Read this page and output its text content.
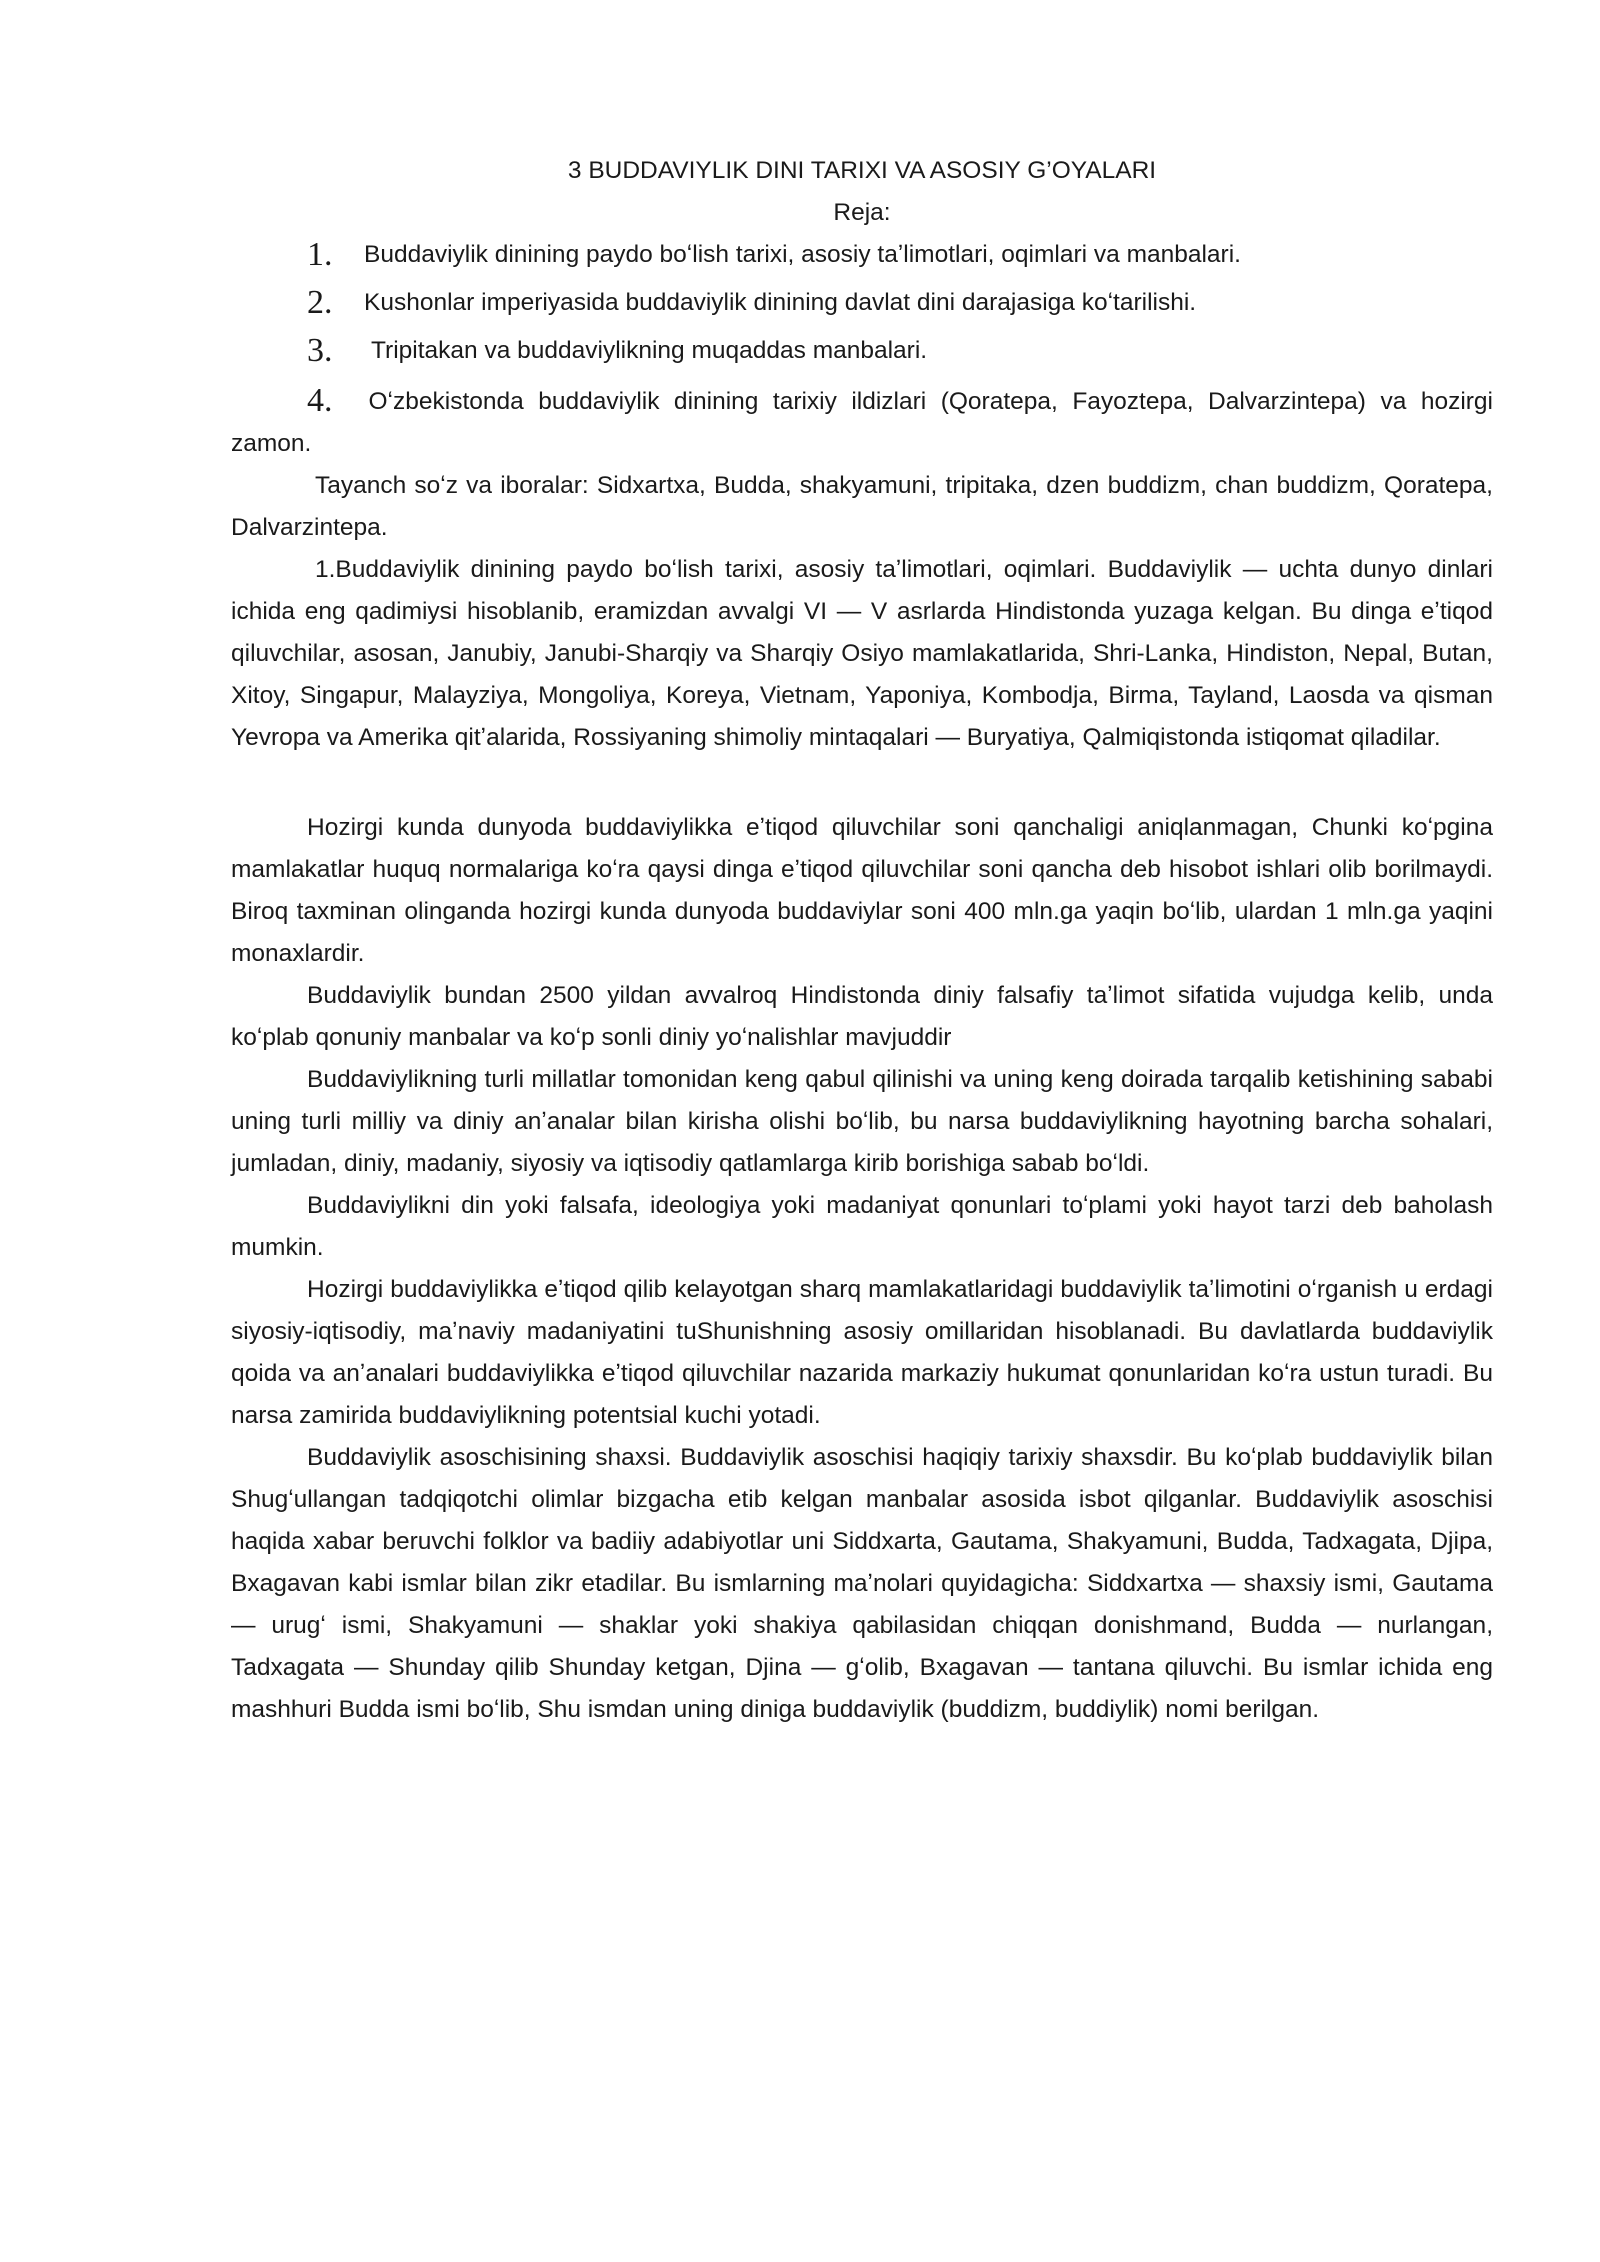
3 BUDDAVIYLIK DINI TARIXI VA ASOSIY G’OYALARI

Reja:

1. Buddaviylik dinining paydo boʻlish tarixi, asosiy taʼlimotlari, oqimlari va manbalari.
2. Kushonlar imperiyasida buddaviylik dinining davlat dini darajasiga koʻtarilishi.
3. Tripitakan va buddaviylikning muqaddas manbalari.

4. Oʻzbekistonda buddaviylik dinining tarixiy ildizlari (Qoratepa, Fayoztepa, Dalvarzintepa) va hozirgi zamon.

Tayanch soʻz va iboralar: Sidxartxa, Budda, shakyamuni, tripitaka, dzen buddizm, chan buddizm, Qoratepa, Dalvarzintepa.

1.Buddaviylik dinining paydo boʻlish tarixi, asosiy taʼlimotlari, oqimlari. Buddaviylik — uchta dunyo dinlari ichida eng qadimiysi hisoblanib, eramizdan avvalgi VI — V asrlarda Hindistonda yuzaga kelgan. Bu dinga eʼtiqod qiluvchilar, asosan, Janubiy, Janubi-Sharqiy va Sharqiy Osiyo mamlakatlarida, Shri-Lanka, Hindiston, Nepal, Butan, Xitoy, Singapur, Malayziya, Mongoliya, Koreya, Vietnam, Yaponiya, Kombodja, Birma, Tayland, Laosda va qisman Yevropa va Amerika qitʼalarida, Rossiyaning shimoliy mintaqalari — Buryatiya, Qalmiqistonda istiqomat qiladilar.

Hozirgi kunda dunyoda buddaviylikka eʼtiqod qiluvchilar soni qanchaligi aniqlanmagan, Chunki koʻpgina mamlakatlar huquq normalariga koʻra qaysi dinga eʼtiqod qiluvchilar soni qancha deb hisobot ishlari olib borilmaydi. Biroq taxminan olinganda hozirgi kunda dunyoda buddaviylar soni 400 mln.ga yaqin boʻlib, ulardan 1 mln.ga yaqini monaxlardir.

Buddaviylik bundan 2500 yildan avvalroq Hindistonda diniy falsafiy taʼlimot sifatida vujudga kelib, unda koʻplab qonuniy manbalar va koʻp sonli diniy yoʻnalishlar mavjuddir

Buddaviylikning turli millatlar tomonidan keng qabul qilinishi va uning keng doirada tarqalib ketishining sababi uning turli milliy va diniy anʼanalar bilan kirisha olishi boʻlib, bu narsa buddaviylikning hayotning barcha sohalari, jumladan, diniy, madaniy, siyosiy va iqtisodiy qatlamlarga kirib borishiga sabab boʻldi.

Buddaviylikni din yoki falsafa, ideologiya yoki madaniyat qonunlari toʻplami yoki hayot tarzi deb baholash mumkin.

Hozirgi buddaviylikka eʼtiqod qilib kelayotgan sharq mamlakatlaridagi buddaviylik taʼlimotini oʻrganish u erdagi siyosiy-iqtisodiy, maʼnaviy madaniyatini tuShunishning asosiy omillaridan hisoblanadi. Bu davlatlarda buddaviylik qoida va anʼanalari buddaviylikka eʼtiqod qiluvchilar nazarida markaziy hukumat qonunlaridan koʻra ustun turadi. Bu narsa zamirida buddaviylikning potentsial kuchi yotadi.

Buddaviylik asoschisining shaxsi. Buddaviylik asoschisi haqiqiy tarixiy shaxsdir. Bu koʻplab buddaviylik bilan Shugʻullangan tadqiqotchi olimlar bizgacha etib kelgan manbalar asosida isbot qilganlar. Buddaviylik asoschisi haqida xabar beruvchi folklor va badiiy adabiyotlar uni Siddxarta, Gautama, Shakyamuni, Budda, Tadxagata, Djipa, Bxagavan kabi ismlar bilan zikr etadilar. Bu ismlarning maʼnolari quyidagicha: Siddxartxa — shaxsiy ismi, Gautama — urugʻ ismi, Shakyamuni — shaklar yoki shakiya qabilasidan chiqqan donishmand, Budda — nurlangan, Tadxagata — Shunday qilib Shunday ketgan, Djina — gʻolib, Bxagavan — tantana qiluvchi. Bu ismlar ichida eng mashhuri Budda ismi boʻlib, Shu ismdan uning diniga buddaviylik (buddizm, buddiylik) nomi berilgan.
